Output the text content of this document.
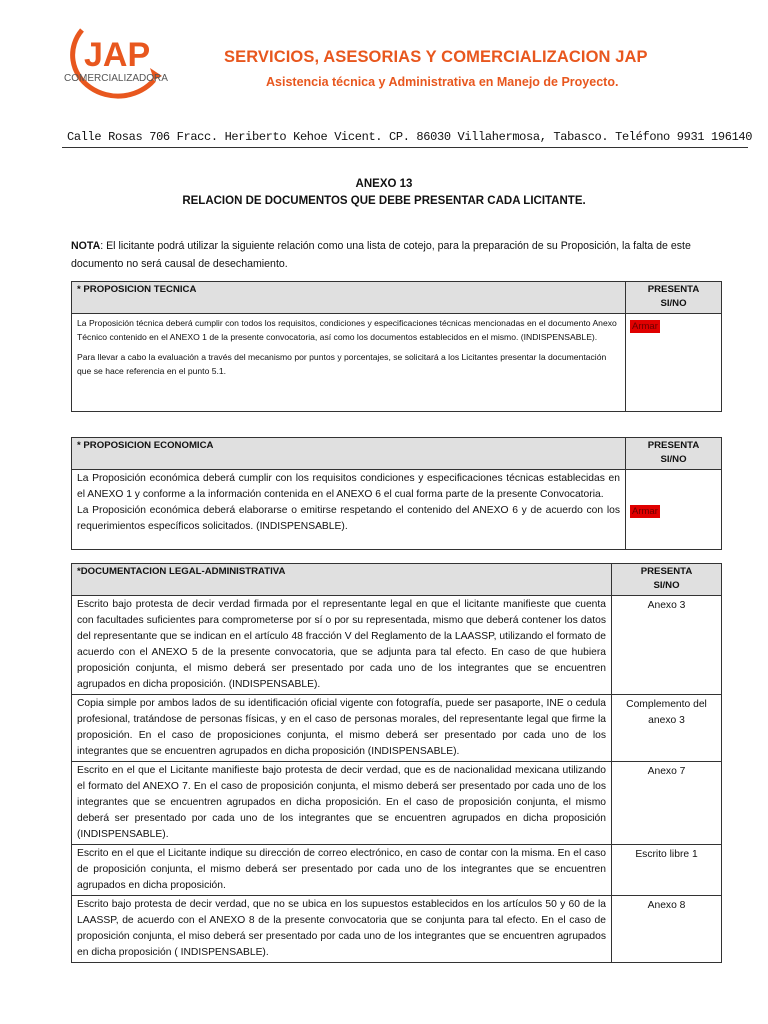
JAP
COMERCIALIZADORA
SERVICIOS, ASESORIAS Y COMERCIALIZACION JAP
Asistencia técnica y Administrativa en Manejo de Proyecto.
Calle Rosas 706 Fracc. Heriberto Kehoe Vicent. CP. 86030 Villahermosa, Tabasco. Teléfono 9931 196140
ANEXO 13
RELACION DE DOCUMENTOS QUE DEBE PRESENTAR CADA LICITANTE.
NOTA: El licitante podrá utilizar la siguiente relación como una lista de cotejo, para la preparación de su Proposición, la falta de este documento no será causal de desechamiento.
* PROPOSICION TECNICA	PRESENTA
SI/NO

La Proposición técnica deberá cumplir con todos los requisitos, condiciones y especificaciones técnicas mencionadas en el documento Anexo Técnico contenido en el ANEXO 1 de la presente convocatoria, así como los documentos establecidos en el mismo. (INDISPENSABLE).

Para llevar a cabo la evaluación a través del mecanismo por puntos y porcentajes, se solicitará a los Licitantes presentar la documentación que se hace referencia en el punto 5.1.	Armar
* PROPOSICION ECONOMICA	PRESENTA
SI/NO

La Proposición económica deberá cumplir con los requisitos condiciones y especificaciones técnicas establecidas en el ANEXO 1 y conforme a la información contenida en el ANEXO 6 el cual forma parte de la presente Convocatoria.
La Proposición económica deberá elaborarse o emitirse respetando el contenido del ANEXO 6 y de acuerdo con los requerimientos específicos solicitados. (INDISPENSABLE).	Armar
*DOCUMENTACION LEGAL-ADMINISTRATIVA	PRESENTA
SI/NO

Escrito bajo protesta de decir verdad firmada por el representante legal en que el licitante manifieste que cuenta con facultades suficientes para comprometerse por sí o por su representada, mismo que deberá contener los datos del representante que se indican en el artículo 48 fracción V del Reglamento de la LAASSP, utilizando el formato de acuerdo con el ANEXO 5 de la presente convocatoria, que se adjunta para tal efecto. En caso de que hubiera proposición conjunta, el mismo deberá ser presentado por cada uno de los integrantes que se encuentren agrupados en dicha proposición. (INDISPENSABLE).	Anexo 3
Copia simple por ambos lados de su identificación oficial vigente con fotografía, puede ser pasaporte, INE o cedula profesional, tratándose de personas físicas, y en el caso de personas morales, del representante legal que firme la proposición. En el caso de proposiciones conjunta, el mismo deberá ser presentado por cada uno de los integrantes que se encuentren agrupados en dicha proposición (INDISPENSABLE).	Complemento del anexo 3
Escrito en el que el Licitante manifieste bajo protesta de decir verdad, que es de nacionalidad mexicana utilizando el formato del ANEXO 7. En el caso de proposición conjunta, el mismo deberá ser presentado por cada uno de los integrantes que se encuentren agrupados en dicha proposición. En el caso de proposición conjunta, el mismo deberá ser presentado por cada uno de los integrantes que se encuentren agrupados en dicha proposición (INDISPENSABLE).	Anexo 7
Escrito en el que el Licitante indique su dirección de correo electrónico, en caso de contar con la misma. En el caso de proposición conjunta, el mismo deberá ser presentado por cada uno de los integrantes que se encuentren agrupados en dicha proposición.	Escrito libre 1
Escrito bajo protesta de decir verdad, que no se ubica en los supuestos establecidos en los artículos 50 y 60 de la LAASSP, de acuerdo con el ANEXO 8 de la presente convocatoria que se conjunta para tal efecto. En el caso de proposición conjunta, el miso deberá ser presentado por cada uno de los integrantes que se encuentren agrupados en dicha proposición ( INDISPENSABLE).	Anexo 8
